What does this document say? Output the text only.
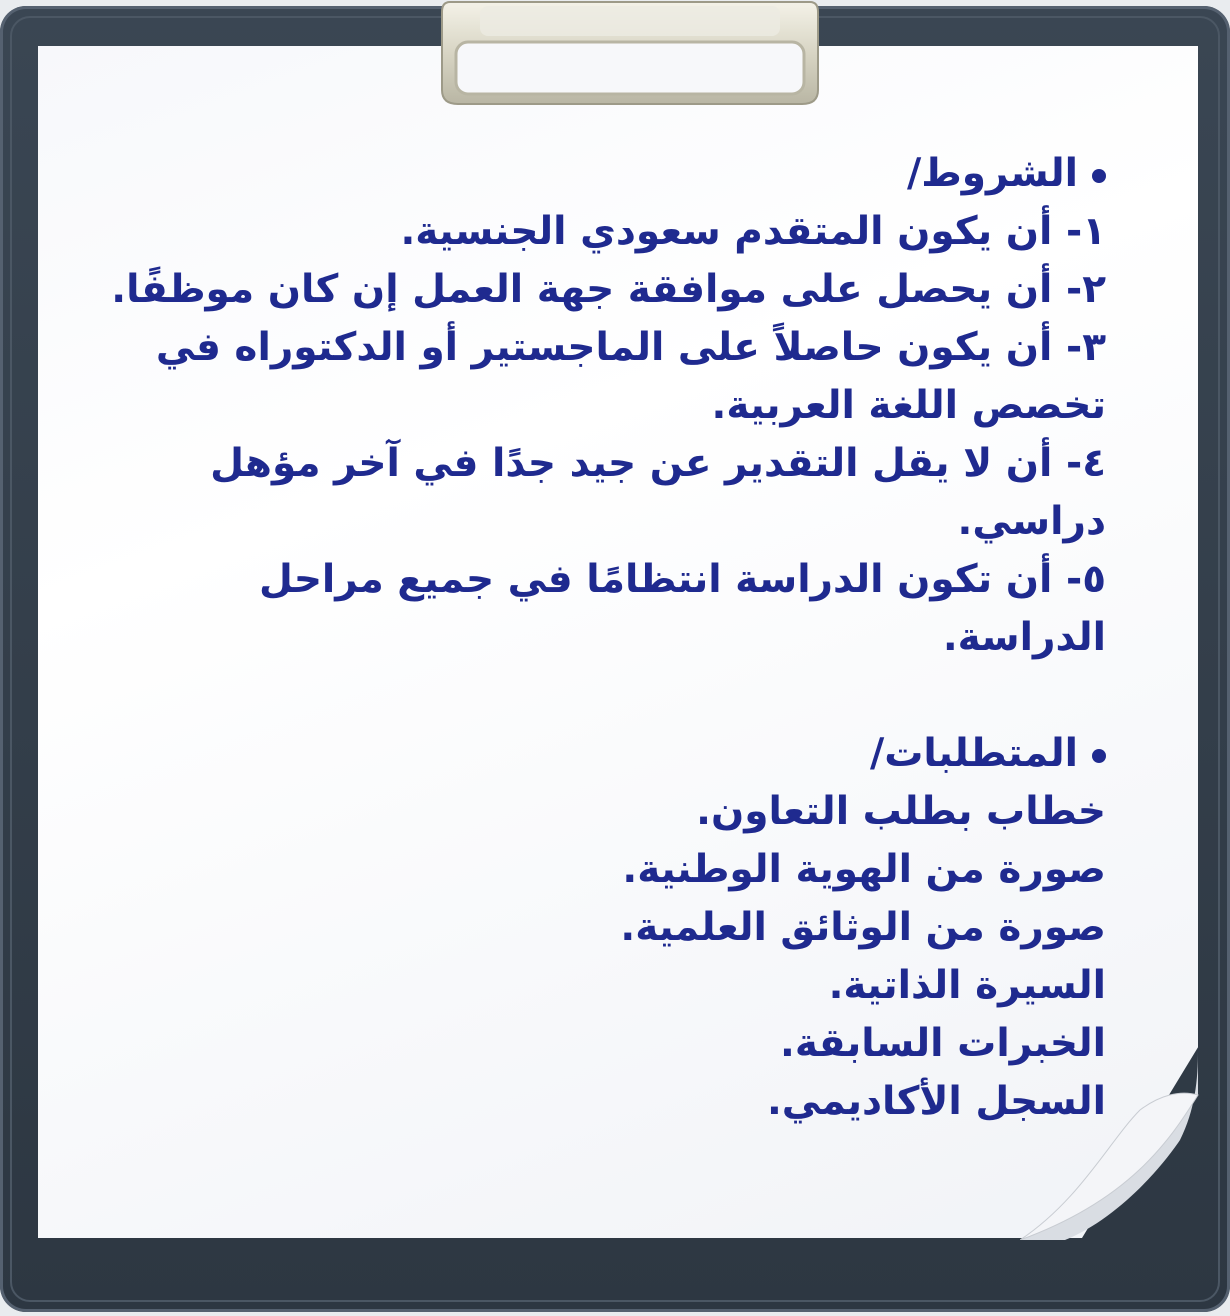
الشروط/
١- أن يكون المتقدم سعودي الجنسية.
٢- أن يحصل على موافقة جهة العمل إن كان موظفًا.
٣- أن يكون حاصلاً على الماجستير أو الدكتوراه في
تخصص اللغة العربية.
٤- أن لا يقل التقدير عن جيد جدًا في آخر مؤهل
دراسي.
٥- أن تكون الدراسة انتظامًا في جميع مراحل
الدراسة.
المتطلبات/
خطاب بطلب التعاون.
صورة من الهوية الوطنية.
صورة من الوثائق العلمية.
السيرة الذاتية.
الخبرات السابقة.
السجل الأكاديمي.
